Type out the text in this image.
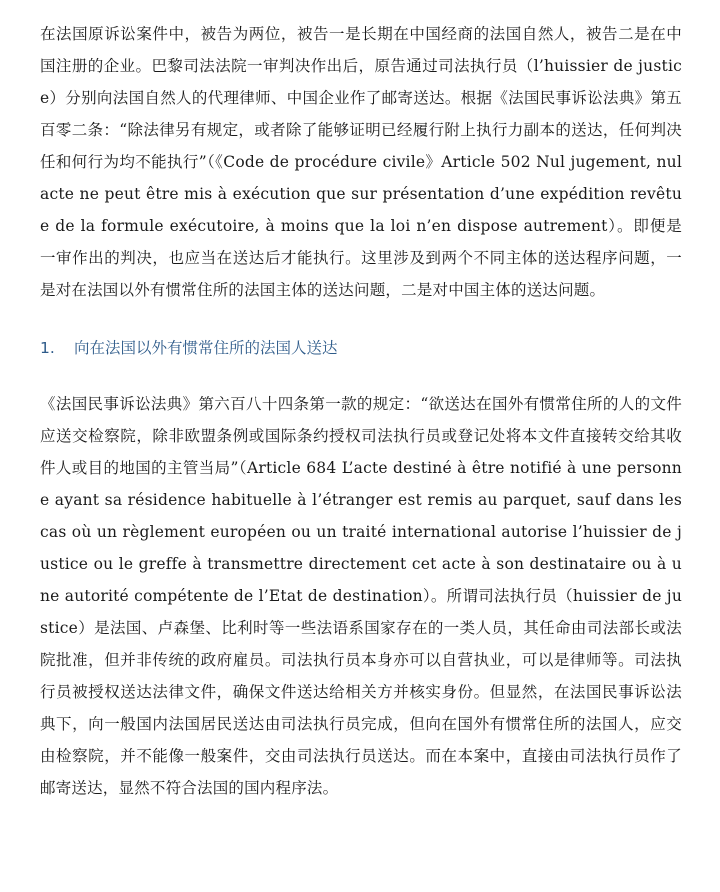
在法国原诉讼案件中，被告为两位，被告一是长期在中国经商的法国自然人，被告二是在中国注册的企业。巴黎司法法院一审判决作出后，原告通过司法执行员（l’huissier de justice）分别向法国自然人的代理律师、中国企业作了邮寄送达。根据《法国民事诉讼法典》第五百零二条：“除法律另有规定，或者除了能够证明已经履行附上执行力副本的送达，任何判决任和何行为均不能执行”（《Code de procédure civile》Article 502 Nul jugement, nul acte ne peut être mis à exécution que sur présentation d’une expédition revêtue de la formule exécutoire, à moins que la loi n’en dispose autrement）。即便是一审作出的判决，也应当在送达后才能执行。这里涉及到两个不同主体的送达程序问题，一是对在法国以外有惯常住所的法国主体的送达问题，二是对中国主体的送达问题。

1. 向在法国以外有惯常住所的法国人送达

《法国民事诉讼法典》第六百八十四条第一款的规定：“欲送达在国外有惯常住所的人的文件应送交检察院，除非欧盟条例或国际条约授权司法执行员或登记处将本文件直接转交给其收件人或目的地国的主管当局”（Article 684 L’acte destiné à être notifié à une personne ayant sa résidence habituelle à l’étranger est remis au parquet, sauf dans les cas où un règlement européen ou un traité international autorise l’huissier de justice ou le greffe à transmettre directement cet acte à son destinataire ou à une autorité compétente de l’Etat de destination）。所谓司法执行员（huissier de justice）是法国、卢森堡、比利时等一些法语系国家存在的一类人员，其任命由司法部长或法院批准，但并非传统的政府雇员。司法执行员本身亦可以自营执业，可以是律师等。司法执行员被授权送达法律文件，确保文件送达给相关方并核实身份。但显然，在法国民事诉讼法典下，向一般国内法国居民送达由司法执行员完成，但向在国外有惯常住所的法国人，应交由检察院，并不能像一般案件，交由司法执行员送达。而在本案中，直接由司法执行员作了邮寄送达，显然不符合法国的国内程序法。
